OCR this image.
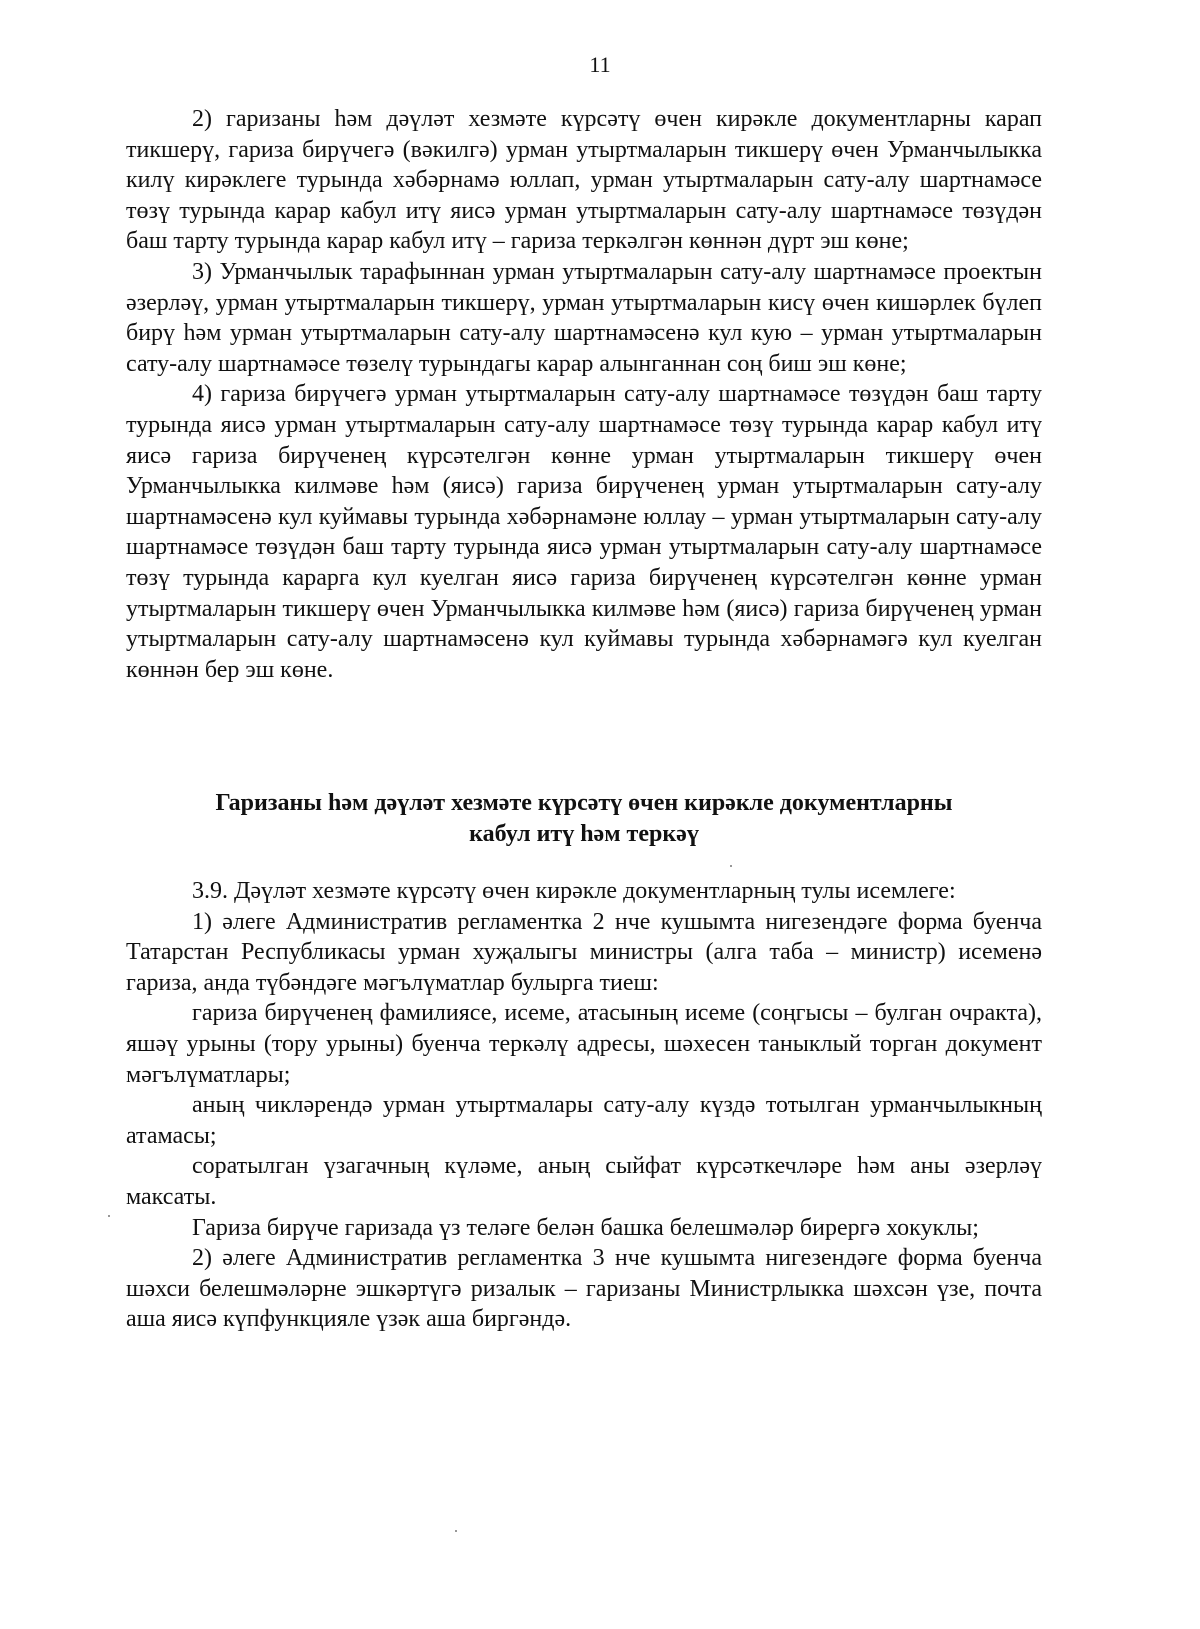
11

2) гаризаны һәм дәүләт хезмәте күрсәтү өчен кирәкле документларны карап тикшерү, гариза бирүчегә (вәкилгә) урман утыртмаларын тикшерү өчен Урманчылыкка килү кирәклеге турында хәбәрнамә юллап, урман утыртмаларын сату-алу шартнамәсе төзү турында карар кабул итү яисә урман утыртмаларын сату-алу шартнамәсе төзүдән баш тарту турында карар кабул итү – гариза теркәлгән көннән дүрт эш көне;

3) Урманчылык тарафыннан урман утыртмаларын сату-алу шартнамәсе проектын әзерләү, урман утыртмаларын тикшерү, урман утыртмаларын кисү өчен кишәрлек бүлеп бирү һәм урман утыртмаларын сату-алу шартнамәсенә кул кую – урман утыртмаларын сату-алу шартнамәсе төзелү турындагы карар алынганнан соң биш эш көне;

4) гариза бирүчегә урман утыртмаларын сату-алу шартнамәсе төзүдән баш тарту турында яисә урман утыртмаларын сату-алу шартнамәсе төзү турында карар кабул итү яисә гариза бирүченең күрсәтелгән көнне урман утыртмаларын тикшерү өчен Урманчылыкка килмәве һәм (яисә) гариза бирүченең урман утыртмаларын сату-алу шартнамәсенә кул куймавы турында хәбәрнамәне юллау – урман утыртмаларын сату-алу шартнамәсе төзүдән баш тарту турында яисә урман утыртмаларын сату-алу шартнамәсе төзү турында карарга кул куелган яисә гариза бирүченең күрсәтелгән көнне урман утыртмаларын тикшерү өчен Урманчылыкка килмәве һәм (яисә) гариза бирүченең урман утыртмаларын сату-алу шартнамәсенә кул куймавы турында хәбәрнамәгә кул куелган көннән бер эш көне.

Гаризаны һәм дәүләт хезмәте күрсәтү өчен кирәкле документларны
кабул итү һәм теркәү

3.9. Дәүләт хезмәте күрсәтү өчен кирәкле документларның тулы исемлеге:

1) әлеге Административ регламентка 2 нче кушымта нигезендәге форма буенча Татарстан Республикасы урман хуҗалыгы министры (алга таба – министр) исеменә гариза, анда түбәндәге мәгълүматлар булырга тиеш:

гариза бирүченең фамилиясе, исеме, атасының исеме (соңгысы – булган очракта), яшәү урыны (тору урыны) буенча теркәлү адресы, шәхесен таныклый торган документ мәгълүматлары;

аның чикләрендә урман утыртмалары сату-алу күздә тотылган урманчылыкның атамасы;

соратылган үзагачның күләме, аның сыйфат күрсәткечләре һәм аны әзерләү максаты.

Гариза бирүче гаризада үз теләге белән башка белешмәләр бирергә хокуклы;

2) әлеге Административ регламентка 3 нче кушымта нигезендәге форма буенча шәхси белешмәләрне эшкәртүгә ризалык – гаризаны Министрлыкка шәхсән үзе, почта аша яисә күпфункцияле үзәк аша биргәндә.
